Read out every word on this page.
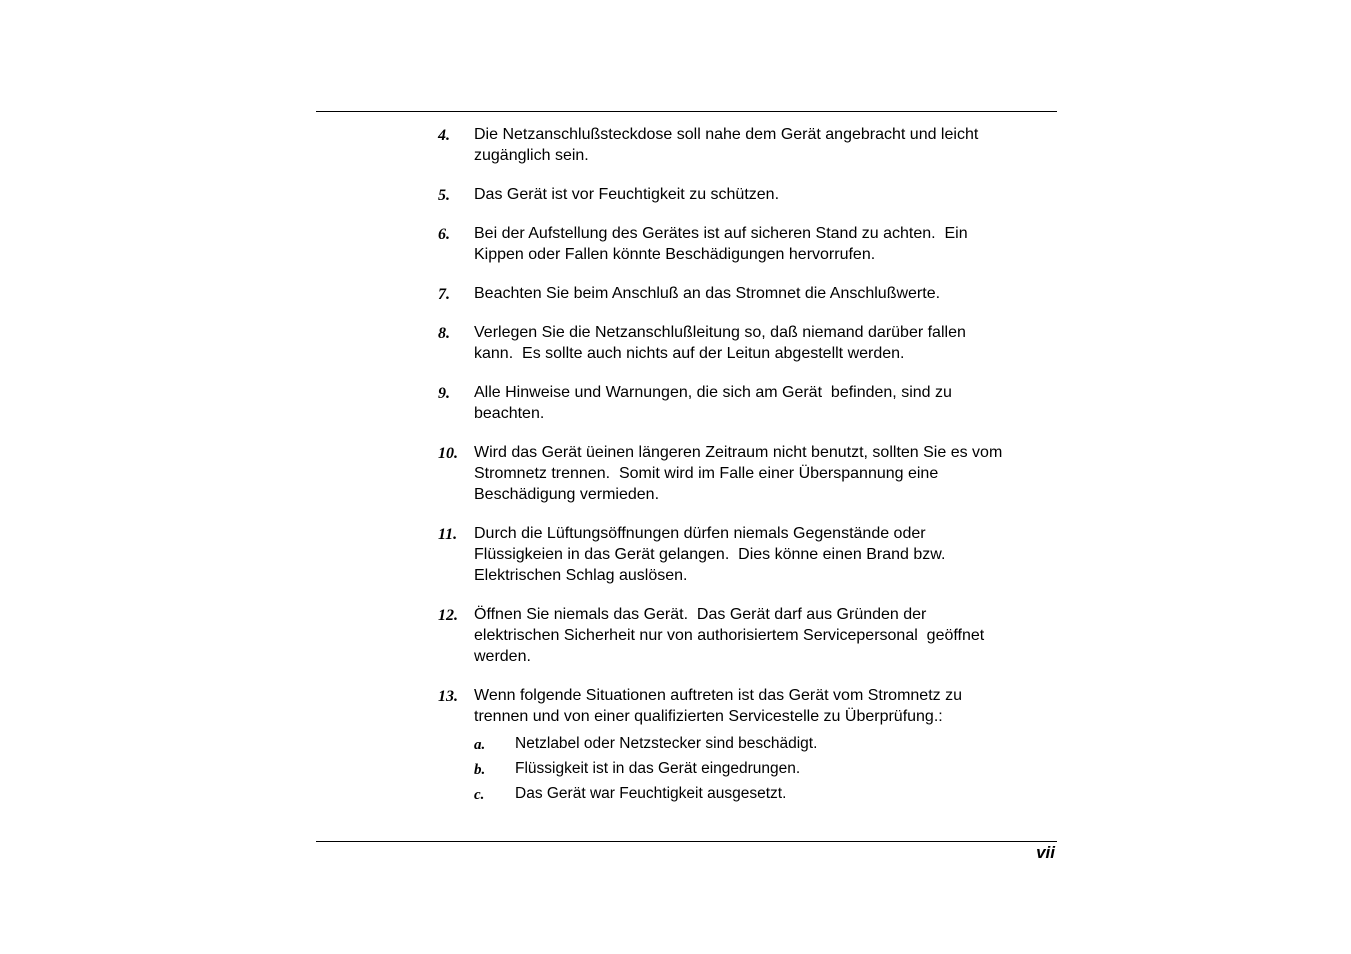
4. Die Netzanschlußsteckdose soll nahe dem Gerät angebracht und leicht
zugänglich sein.
5. Das Gerät ist vor Feuchtigkeit zu schützen.
6. Bei der Aufstellung des Gerätes ist auf sicheren Stand zu achten.  Ein
Kippen oder Fallen könnte Beschädigungen hervorrufen.
7. Beachten Sie beim Anschluß an das Stromnet die Anschlußwerte.
8. Verlegen Sie die Netzanschlußleitung so, daß niemand darüber fallen
kann.  Es sollte auch nichts auf der Leitun abgestellt werden.
9. Alle Hinweise und Warnungen, die sich am Gerät  befinden, sind zu
beachten.
10. Wird das Gerät üeinen längeren Zeitraum nicht benutzt, sollten Sie es vom
Stromnetz trennen.  Somit wird im Falle einer Überspannung eine
Beschädigung vermieden.
11. Durch die Lüftungsöffnungen dürfen niemals Gegenstände oder
Flüssigkeien in das Gerät gelangen.  Dies könne einen Brand bzw.
Elektrischen Schlag auslösen.
12. Öffnen Sie niemals das Gerät.  Das Gerät darf aus Gründen der
elektrischen Sicherheit nur von authorisiertem Servicepersonal  geöffnet
werden.
13. Wenn folgende Situationen auftreten ist das Gerät vom Stromnetz zu
trennen und von einer qualifizierten Servicestelle zu Überprüfung.:
a. Netzlabel oder Netzstecker sind beschädigt.
b. Flüssigkeit ist in das Gerät eingedrungen.
c. Das Gerät war Feuchtigkeit ausgesetzt.
vii
